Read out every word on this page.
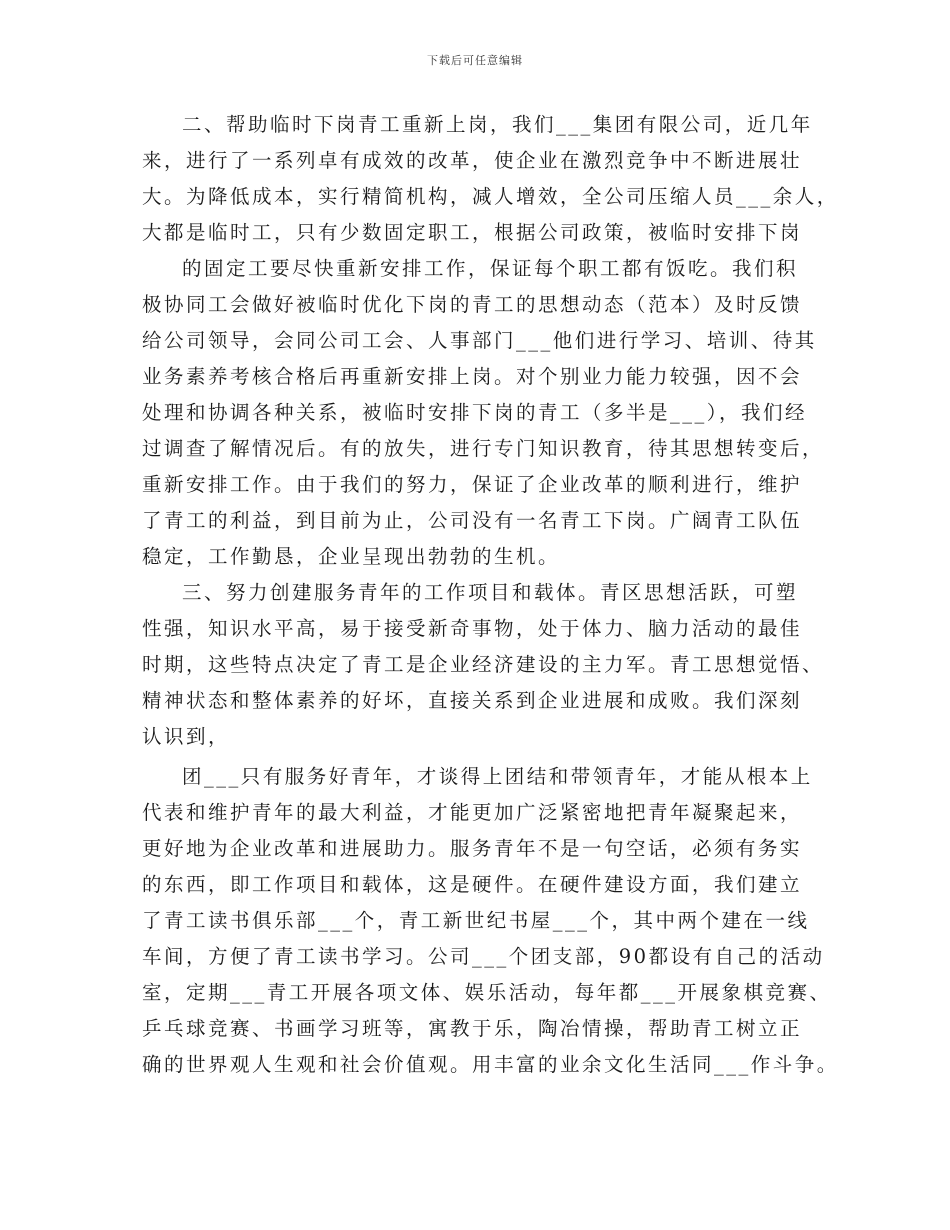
下载后可任意编辑
二、帮助临时下岗青工重新上岗，我们___集团有限公司，近几年
来，进行了一系列卓有成效的改革，使企业在激烈竞争中不断进展壮
大。为降低成本，实行精简机构，减人增效，全公司压缩人员___余人，
大都是临时工，只有少数固定职工，根据公司政策，被临时安排下岗
的固定工要尽快重新安排工作，保证每个职工都有饭吃。我们积
极协同工会做好被临时优化下岗的青工的思想动态（范本）及时反馈
给公司领导，会同公司工会、人事部门___他们进行学习、培训、待其
业务素养考核合格后再重新安排上岗。对个别业力能力较强，因不会
处理和协调各种关系，被临时安排下岗的青工（多半是___），我们经
过调查了解情况后。有的放失，进行专门知识教育，待其思想转变后，
重新安排工作。由于我们的努力，保证了企业改革的顺利进行，维护
了青工的利益，到目前为止，公司没有一名青工下岗。广阔青工队伍
稳定，工作勤恳，企业呈现出勃勃的生机。
三、努力创建服务青年的工作项目和载体。青区思想活跃，可塑
性强，知识水平高，易于接受新奇事物，处于体力、脑力活动的最佳
时期，这些特点决定了青工是企业经济建设的主力军。青工思想觉悟、
精神状态和整体素养的好坏，直接关系到企业进展和成败。我们深刻
认识到，
团___只有服务好青年，才谈得上团结和带领青年，才能从根本上
代表和维护青年的最大利益，才能更加广泛紧密地把青年凝聚起来，
更好地为企业改革和进展助力。服务青年不是一句空话，必须有务实
的东西，即工作项目和载体，这是硬件。在硬件建设方面，我们建立
了青工读书俱乐部___个，青工新世纪书屋___个，其中两个建在一线
车间，方便了青工读书学习。公司___个团支部，90都设有自己的活动
室，定期___青工开展各项文体、娱乐活动，每年都___开展象棋竞赛、
乒乓球竞赛、书画学习班等，寓教于乐，陶冶情操，帮助青工树立正
确的世界观人生观和社会价值观。用丰富的业余文化生活同___作斗争。
